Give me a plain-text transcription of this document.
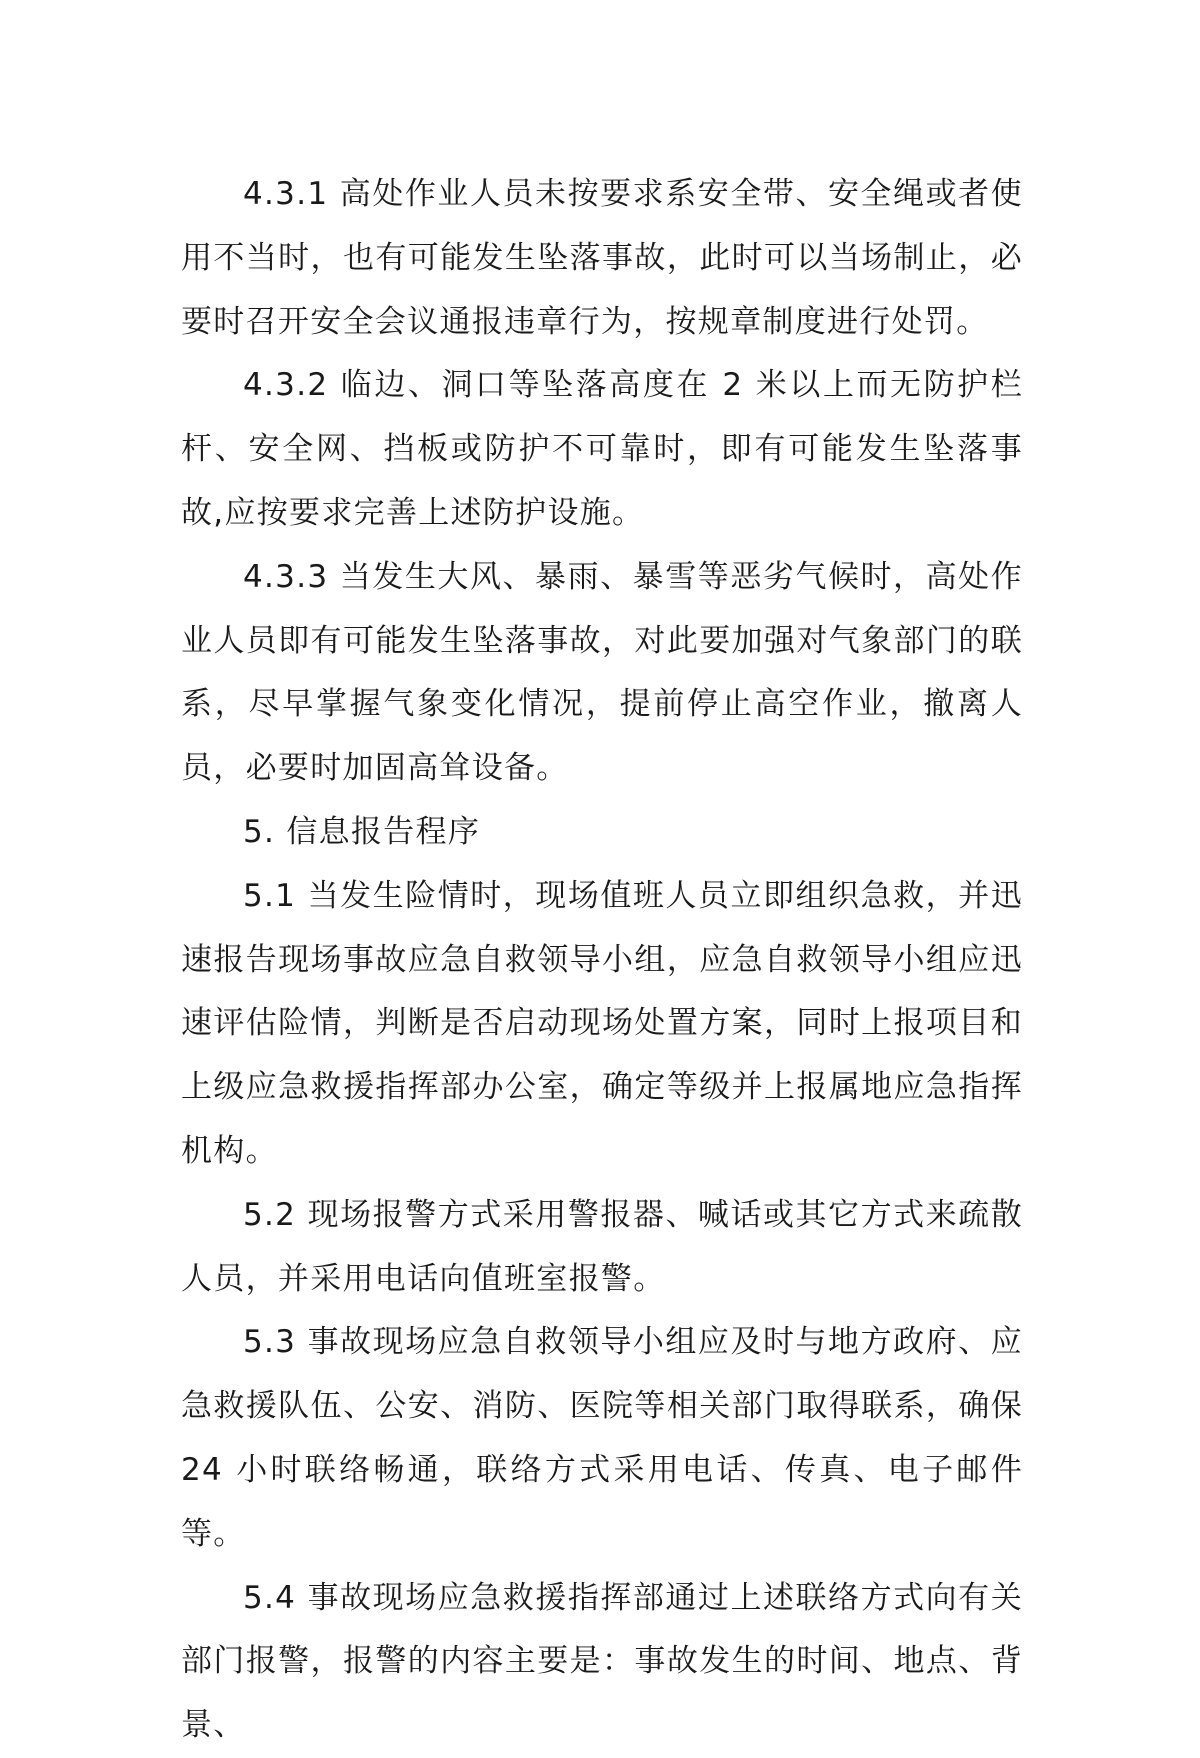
4.3.1 高处作业人员未按要求系安全带、安全绳或者使用不当时，也有可能发生坠落事故，此时可以当场制止，必要时召开安全会议通报违章行为，按规章制度进行处罚。

4.3.2 临边、洞口等坠落高度在 2 米以上而无防护栏杆、安全网、挡板或防护不可靠时，即有可能发生坠落事故,应按要求完善上述防护设施。

4.3.3 当发生大风、暴雨、暴雪等恶劣气候时，高处作业人员即有可能发生坠落事故，对此要加强对气象部门的联系，尽早掌握气象变化情况，提前停止高空作业，撤离人员，必要时加固高耸设备。

5. 信息报告程序

5.1 当发生险情时，现场值班人员立即组织急救，并迅速报告现场事故应急自救领导小组，应急自救领导小组应迅速评估险情，判断是否启动现场处置方案，同时上报项目和上级应急救援指挥部办公室，确定等级并上报属地应急指挥机构。

5.2 现场报警方式采用警报器、喊话或其它方式来疏散人员，并采用电话向值班室报警。

5.3 事故现场应急自救领导小组应及时与地方政府、应急救援队伍、公安、消防、医院等相关部门取得联系，确保 24 小时联络畅通，联络方式采用电话、传真、电子邮件等。

5.4 事故现场应急救援指挥部通过上述联络方式向有关部门报警，报警的内容主要是：事故发生的时间、地点、背景、
